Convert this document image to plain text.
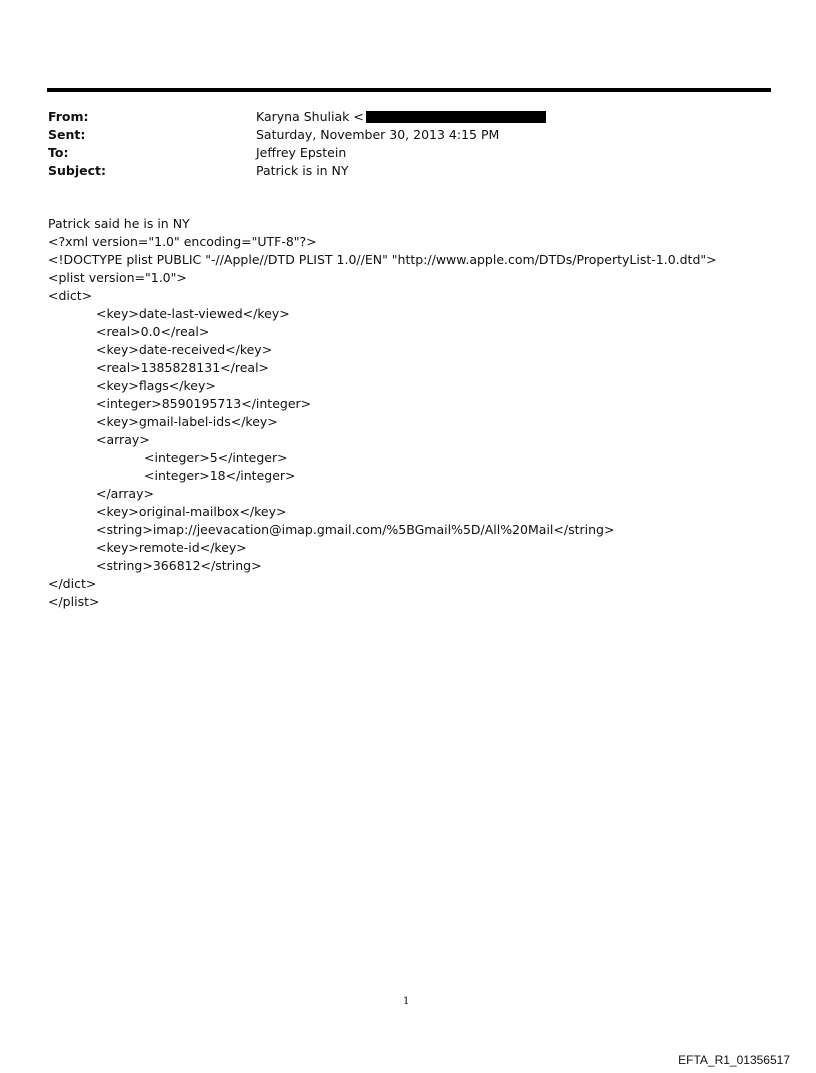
From:	Karyna Shuliak <
Sent:	Saturday, November 30, 2013 4:15 PM
To:	Jeffrey Epstein
Subject:	Patrick is in NY
Patrick said he is in NY
<?xml version="1.0" encoding="UTF-8"?>
<!DOCTYPE plist PUBLIC "-//Apple//DTD PLIST 1.0//EN" "http://www.apple.com/DTDs/PropertyList-1.0.dtd">
<plist version="1.0">
<dict>
<key>date-last-viewed</key>
<real>0.0</real>
<key>date-received</key>
<real>1385828131</real>
<key>flags</key>
<integer>8590195713</integer>
<key>gmail-label-ids</key>
<array>
<integer>5</integer>
<integer>18</integer>
</array>
<key>original-mailbox</key>
<string>imap://jeevacation@imap.gmail.com/%5BGmail%5D/All%20Mail</string>
<key>remote-id</key>
<string>366812</string>
</dict>
</plist>
1
EFTA_R1_01356517
